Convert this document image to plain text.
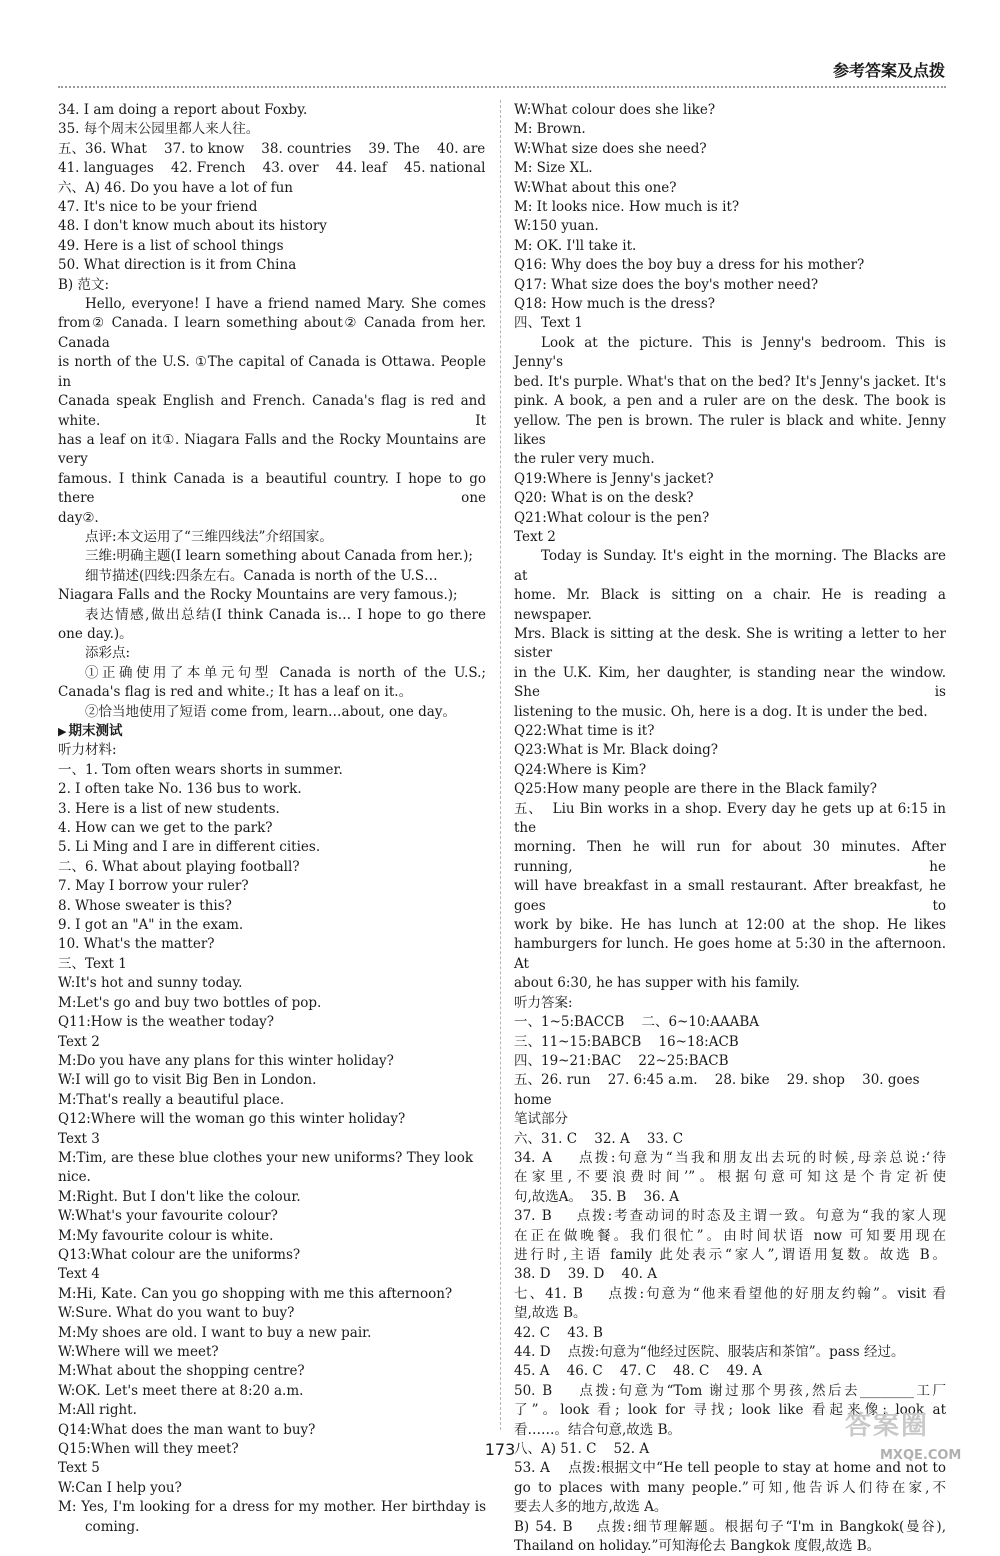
参考答案及点拨
34. I am doing a report about Foxby.
35. 每个周末公园里都人来人往。
五、36. What    37. to know    38. countries    39. The    40. are
41. languages    42. French    43. over    44. leaf    45. national
六、A) 46. Do you have a lot of fun
47. It's nice to be your friend
48. I don't know much about its history
49. Here is a list of school things
50. What direction is it from China
B) 范文:
Hello, everyone! I have a friend named Mary. She comes
from② Canada. I learn something about② Canada from her. Canada
is north of the U.S. ①The capital of Canada is Ottawa. People in
Canada speak English and French. Canada's flag is red and white. It
has a leaf on it①. Niagara Falls and the Rocky Mountains are very
famous. I think Canada is a beautiful country. I hope to go there one
day②.
点评:本文运用了“三维四线法”介绍国家。
三维:明确主题(I learn something about Canada from her.);
细节描述(四线:四条左右。Canada is north of the U.S…
Niagara Falls and the Rocky Mountains are very famous.);
表达情感,做出总结(I think Canada is… I hope to go there
one day.)。
添彩点:
①正确使用了本单元句型 Canada is north of the U.S.;
Canada's flag is red and white.; It has a leaf on it.。
②恰当地使用了短语 come from, learn…about, one day。
▶ 期末测试
听力材料:
一、1. Tom often wears shorts in summer.
2. I often take No. 136 bus to work.
3. Here is a list of new students.
4. How can we get to the park?
5. Li Ming and I are in different cities.
二、6. What about playing football?
7. May I borrow your ruler?
8. Whose sweater is this?
9. I got an "A" in the exam.
10. What's the matter?
三、Text 1
W:It's hot and sunny today.
M:Let's go and buy two bottles of pop.
Q11:How is the weather today?
Text 2
M:Do you have any plans for this winter holiday?
W:I will go to visit Big Ben in London.
M:That's really a beautiful place.
Q12:Where will the woman go this winter holiday?
Text 3
M:Tim, are these blue clothes your new uniforms? They look nice.
M:Right. But I don't like the colour.
W:What's your favourite colour?
M:My favourite colour is white.
Q13:What colour are the uniforms?
Text 4
M:Hi, Kate. Can you go shopping with me this afternoon?
W:Sure. What do you want to buy?
M:My shoes are old. I want to buy a new pair.
W:Where will we meet?
M:What about the shopping centre?
W:OK. Let's meet there at 8:20 a.m.
M:All right.
Q14:What does the man want to buy?
Q15:When will they meet?
Text 5
W:Can I help you?
M: Yes, I'm looking for a dress for my mother. Her birthday is
coming.
W:What colour does she like?
M: Brown.
W:What size does she need?
M: Size XL.
W:What about this one?
M: It looks nice. How much is it?
W:150 yuan.
M: OK. I'll take it.
Q16: Why does the boy buy a dress for his mother?
Q17: What size does the boy's mother need?
Q18: How much is the dress?
四、Text 1
Look at the picture. This is Jenny's bedroom. This is Jenny's
bed. It's purple. What's that on the bed? It's Jenny's jacket. It's
pink. A book, a pen and a ruler are on the desk. The book is
yellow. The pen is brown. The ruler is black and white. Jenny likes
the ruler very much.
Q19:Where is Jenny's jacket?
Q20: What is on the desk?
Q21:What colour is the pen?
Text 2
Today is Sunday. It's eight in the morning. The Blacks are at
home. Mr. Black is sitting on a chair. He is reading a newspaper.
Mrs. Black is sitting at the desk. She is writing a letter to her sister
in the U.K. Kim, her daughter, is standing near the window. She is
listening to the music. Oh, here is a dog. It is under the bed.
Q22:What time is it?
Q23:What is Mr. Black doing?
Q24:Where is Kim?
Q25:How many people are there in the Black family?
五、  Liu Bin works in a shop. Every day he gets up at 6:15 in the
morning. Then he will run for about 30 minutes. After running, he
will have breakfast in a small restaurant. After breakfast, he goes to
work by bike. He has lunch at 12:00 at the shop. He likes
hamburgers for lunch. He goes home at 5:30 in the afternoon. At
about 6:30, he has supper with his family.
听力答案:
一、1~5:BACCB    二、6~10:AAABA
三、11~15:BABCB    16~18:ACB
四、19~21:BAC    22~25:BACB
五、26. run    27. 6:45 a.m.    28. bike    29. shop    30. goes home
笔试部分
六、31. C    32. A    33. C
34. A    点拨:句意为“当我和朋友出去玩的时候,母亲总说:‘待
在家里,不要浪费时间’”。根据句意可知这是个肯定祈使
句,故选A。  35. B    36. A
37. B    点拨:考查动词的时态及主谓一致。句意为“我的家人现
在正在做晚餐。我们很忙”。由时间状语 now 可知要用现在
进行时,主语 family 此处表示“家人”,谓语用复数。故选 B。
38. D    39. D    40. A
七、41. B    点拨:句意为“他来看望他的好朋友约翰”。visit 看
望,故选 B。
42. C    43. B
44. D    点拨:句意为“他经过医院、服装店和茶馆”。pass 经过。
45. A    46. C    47. C    48. C    49. A
50. B    点拨:句意为“Tom 谢过那个男孩,然后去________工厂
了”。look 看; look for 寻找; look like 看起来像; look at
看……。结合句意,故选 B。
八、A) 51. C    52. A
53. A    点拨:根据文中“He tell people to stay at home and not to
go to places with many people.”可知,他告诉人们待在家,不
要去人多的地方,故选 A。
B) 54. B    点拨:细节理解题。根据句子“I'm in Bangkok(曼谷),
Thailand on holiday.”可知海伦去 Bangkok 度假,故选 B。
173
答案圈
MXQE.COM
